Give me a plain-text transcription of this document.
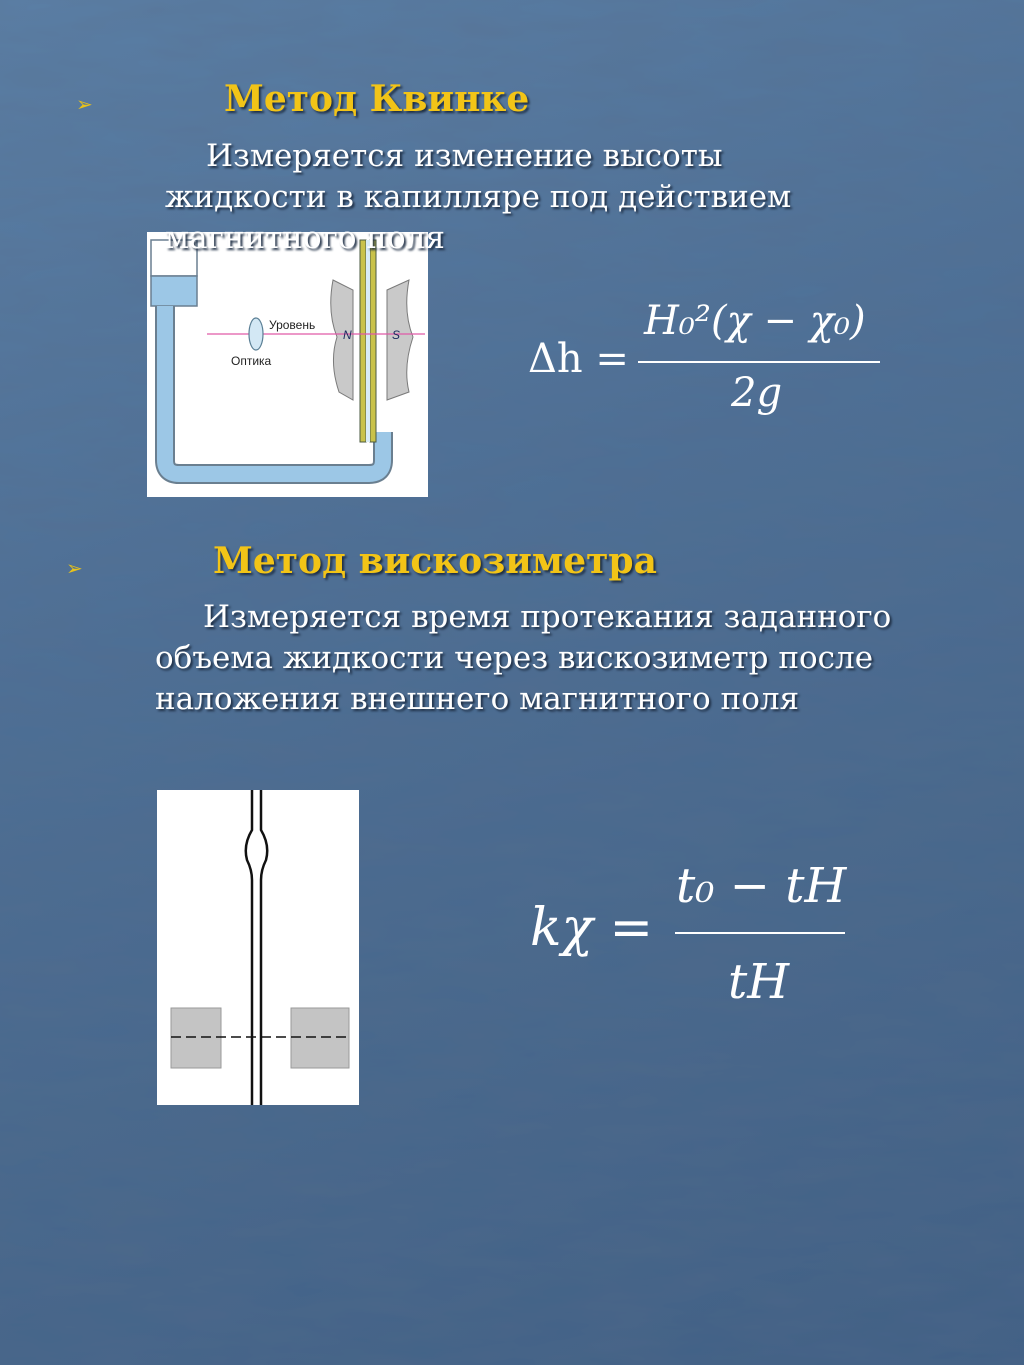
➢	Метод Квинке
Измеряется изменение высоты
жидкости в капилляре под действием
Уровень
Оптика
N	S
магнитного поля
Δh =
H₀²(χ − χ₀)
2g
➢	Метод вискозиметра
Измеряется время протекания заданного
объема жидкости через вискозиметр после
наложения внешнего магнитного поля
kχ =
t₀ − tH
tH
